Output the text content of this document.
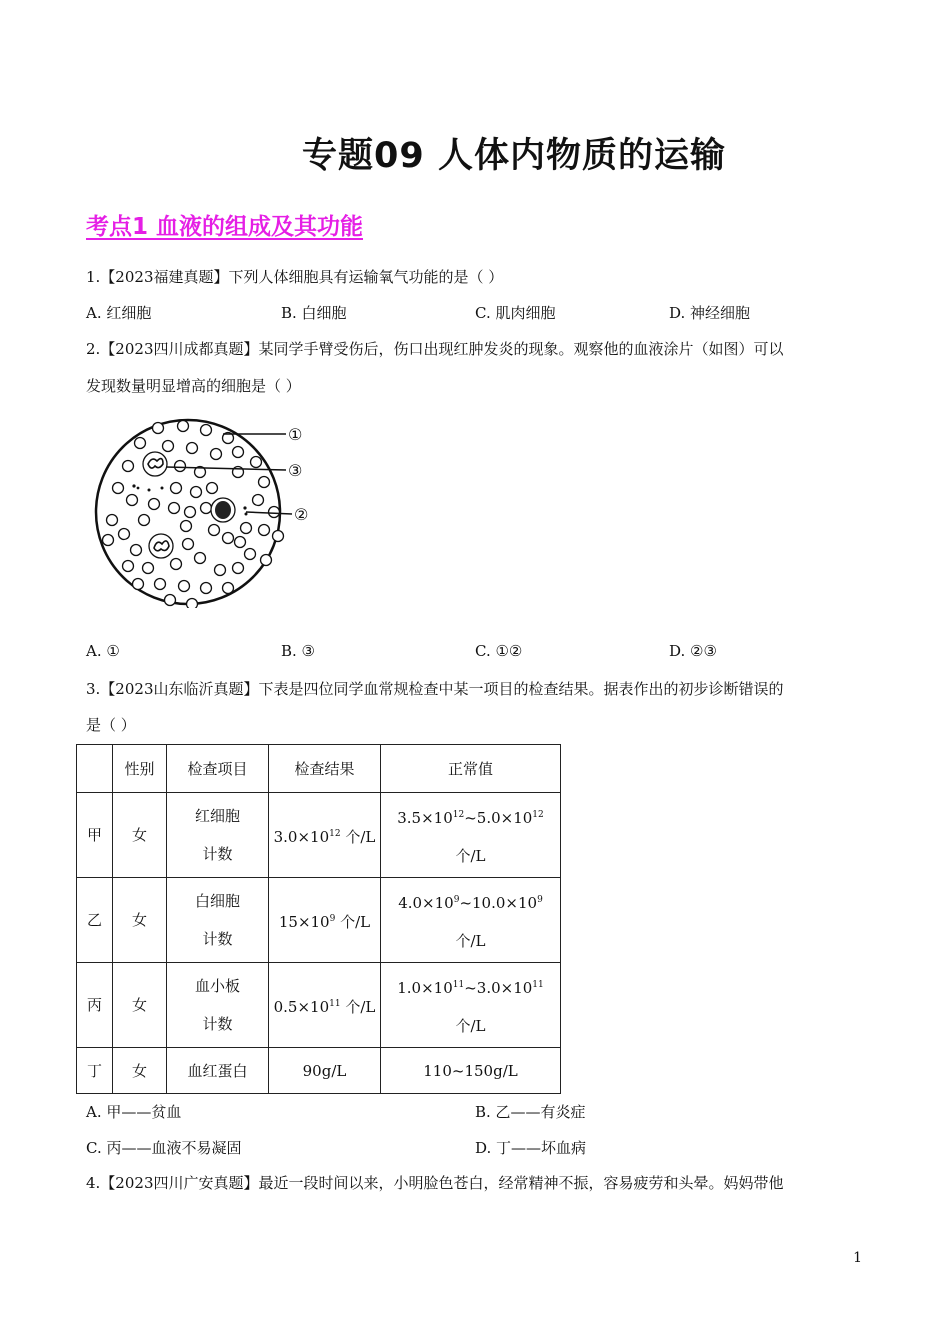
专题09 人体内物质的运输
考点1 血液的组成及其功能
1.【2023福建真题】下列人体细胞具有运输氧气功能的是（ ）
A. 红细胞	B. 白细胞	C. 肌肉细胞	D. 神经细胞
2.【2023四川成都真题】某同学手臂受伤后，伤口出现红肿发炎的现象。观察他的血液涂片（如图）可以
发现数量明显增高的细胞是（ ）
①
③
②
A. ①	B. ③	C. ①②	D. ②③
3.【2023山东临沂真题】下表是四位同学血常规检查中某一项目的检查结果。据表作出的初步诊断错误的
是（ ）
	性别	检查项目	检查结果	正常值
甲	女	红细胞计数	$3.0\times 10^{12}$ 个/L	$3.5\times 10^{12}\sim 5.0\times 10^{12}$ 个/L
乙	女	白细胞计数	$15\times 10^9$ 个/L	$4.0\times 10^9\sim 10.0\times 10^9$ 个/L
丙	女	血小板计数	$0.5\times 10^{11}$ 个/L	$1.0\times 10^{11}\sim 3.0\times 10^{11}$ 个/L
丁	女	血红蛋白	90g/L	110~150g/L
A. 甲——贫血	B. 乙——有炎症
C. 丙——血液不易凝固	D. 丁——坏血病
4.【2023四川广安真题】最近一段时间以来，小明脸色苍白，经常精神不振，容易疲劳和头晕。妈妈带他
1
